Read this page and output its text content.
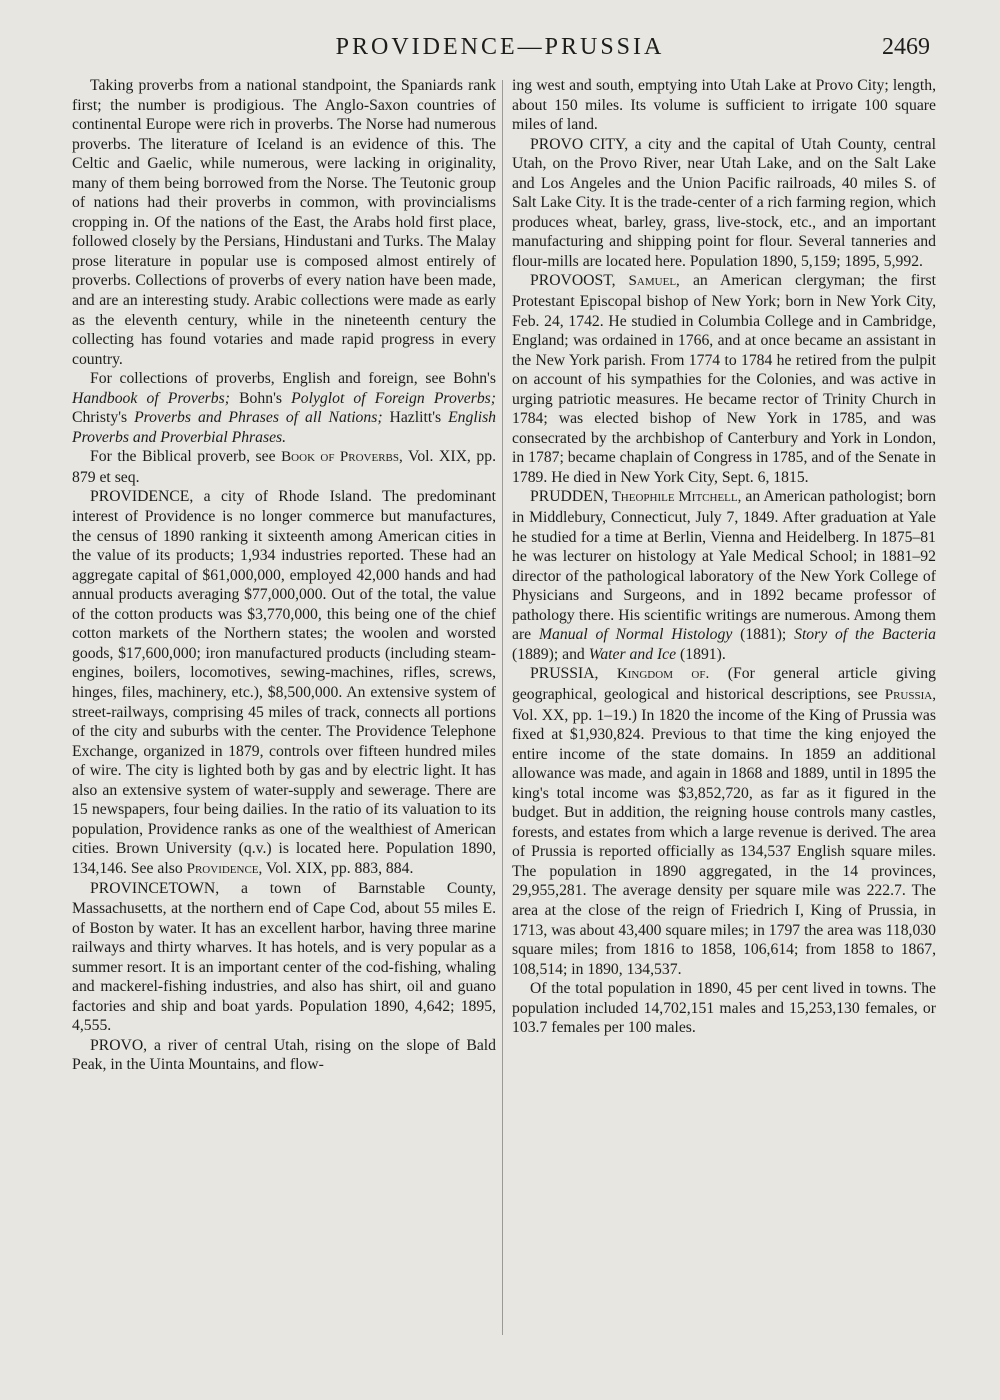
PROVIDENCE—PRUSSIA	2469

Taking proverbs from a national standpoint, the Spaniards rank first; the number is prodigious. The Anglo-Saxon countries of continental Europe were rich in proverbs. The Norse had numerous proverbs. The literature of Iceland is an evidence of this. The Celtic and Gaelic, while numerous, were lacking in originality, many of them being borrowed from the Norse. The Teutonic group of nations had their proverbs in common, with provincialisms cropping in. Of the nations of the East, the Arabs hold first place, followed closely by the Persians, Hindustani and Turks. The Malay prose literature in popular use is composed almost entirely of proverbs. Collections of proverbs of every nation have been made, and are an interesting study. Arabic collections were made as early as the eleventh century, while in the nineteenth century the collecting has found votaries and made rapid progress in every country.

For collections of proverbs, English and foreign, see Bohn's Handbook of Proverbs; Bohn's Polyglot of Foreign Proverbs; Christy's Proverbs and Phrases of all Nations; Hazlitt's English Proverbs and Proverbial Phrases.

For the Biblical proverb, see Book of Proverbs, Vol. XIX, pp. 879 et seq.

PROVIDENCE, a city of Rhode Island. The predominant interest of Providence is no longer commerce but manufactures, the census of 1890 ranking it sixteenth among American cities in the value of its products; 1,934 industries reported. These had an aggregate capital of $61,000,000, employed 42,000 hands and had annual products averaging $77,000,000. Out of the total, the value of the cotton products was $3,770,000, this being one of the chief cotton markets of the Northern states; the woolen and worsted goods, $17,600,000; iron manufactured products (including steam-engines, boilers, locomotives, sewing-machines, rifles, screws, hinges, files, machinery, etc.), $8,500,000. An extensive system of street-railways, comprising 45 miles of track, connects all portions of the city and suburbs with the center. The Providence Telephone Exchange, organized in 1879, controls over fifteen hundred miles of wire. The city is lighted both by gas and by electric light. It has also an extensive system of water-supply and sewerage. There are 15 newspapers, four being dailies. In the ratio of its valuation to its population, Providence ranks as one of the wealthiest of American cities. Brown University (q.v.) is located here. Population 1890, 134,146. See also Providence, Vol. XIX, pp. 883, 884.

PROVINCETOWN, a town of Barnstable County, Massachusetts, at the northern end of Cape Cod, about 55 miles E. of Boston by water. It has an excellent harbor, having three marine railways and thirty wharves. It has hotels, and is very popular as a summer resort. It is an important center of the cod-fishing, whaling and mackerel-fishing industries, and also has shirt, oil and guano factories and ship and boat yards. Population 1890, 4,642; 1895, 4,555.

PROVO, a river of central Utah, rising on the slope of Bald Peak, in the Uinta Mountains, and flow-

ing west and south, emptying into Utah Lake at Provo City; length, about 150 miles. Its volume is sufficient to irrigate 100 square miles of land.

PROVO CITY, a city and the capital of Utah County, central Utah, on the Provo River, near Utah Lake, and on the Salt Lake and Los Angeles and the Union Pacific railroads, 40 miles S. of Salt Lake City. It is the trade-center of a rich farming region, which produces wheat, barley, grass, live-stock, etc., and an important manufacturing and shipping point for flour. Several tanneries and flour-mills are located here. Population 1890, 5,159; 1895, 5,992.

PROVOOST, Samuel, an American clergyman; the first Protestant Episcopal bishop of New York; born in New York City, Feb. 24, 1742. He studied in Columbia College and in Cambridge, England; was ordained in 1766, and at once became an assistant in the New York parish. From 1774 to 1784 he retired from the pulpit on account of his sympathies for the Colonies, and was active in urging patriotic measures. He became rector of Trinity Church in 1784; was elected bishop of New York in 1785, and was consecrated by the archbishop of Canterbury and York in London, in 1787; became chaplain of Congress in 1785, and of the Senate in 1789. He died in New York City, Sept. 6, 1815.

PRUDDEN, Theophile Mitchell, an American pathologist; born in Middlebury, Connecticut, July 7, 1849. After graduation at Yale he studied for a time at Berlin, Vienna and Heidelberg. In 1875–81 he was lecturer on histology at Yale Medical School; in 1881–92 director of the pathological laboratory of the New York College of Physicians and Surgeons, and in 1892 became professor of pathology there. His scientific writings are numerous. Among them are Manual of Normal Histology (1881); Story of the Bacteria (1889); and Water and Ice (1891).

PRUSSIA, Kingdom of. (For general article giving geographical, geological and historical descriptions, see Prussia, Vol. XX, pp. 1–19.) In 1820 the income of the King of Prussia was fixed at $1,930,824. Previous to that time the king enjoyed the entire income of the state domains. In 1859 an additional allowance was made, and again in 1868 and 1889, until in 1895 the king's total income was $3,852,720, as far as it figured in the budget. But in addition, the reigning house controls many castles, forests, and estates from which a large revenue is derived. The area of Prussia is reported officially as 134,537 English square miles. The population in 1890 aggregated, in the 14 provinces, 29,955,281. The average density per square mile was 222.7. The area at the close of the reign of Friedrich I, King of Prussia, in 1713, was about 43,400 square miles; in 1797 the area was 118,030 square miles; from 1816 to 1858, 106,614; from 1858 to 1867, 108,514; in 1890, 134,537.

Of the total population in 1890, 45 per cent lived in towns. The population included 14,702,151 males and 15,253,130 females, or 103.7 females per 100 males.
